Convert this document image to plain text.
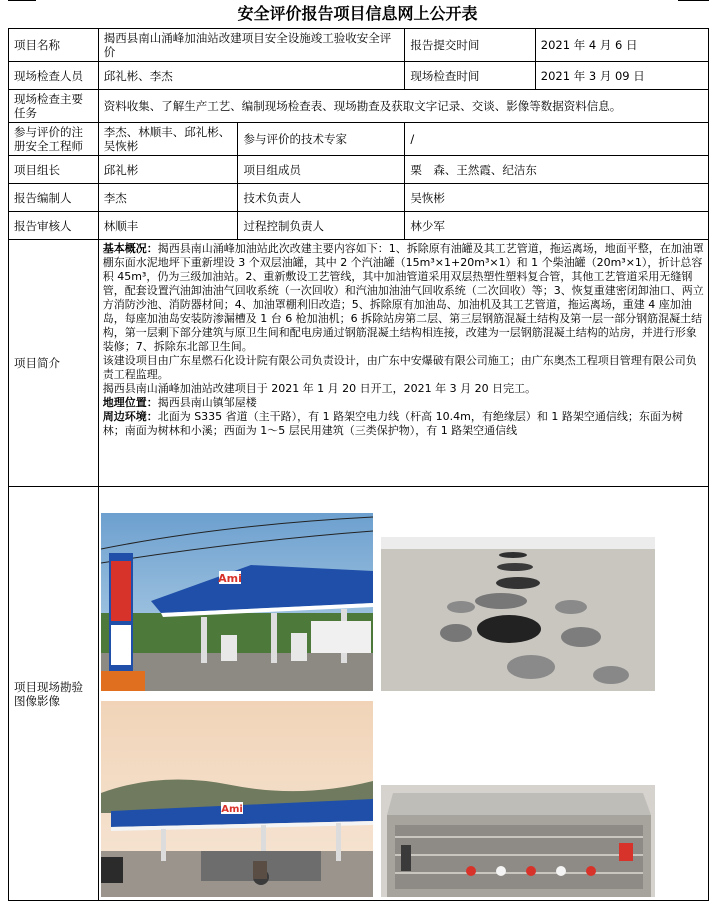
安全评价报告项目信息网上公开表
项目名称	揭西县南山涌峰加油站改建项目安全设施竣工验收安全评价		报告提交时间	2021 年 4 月 6 日
现场检查人员	邱礼彬、李杰		现场检查时间	2021 年 3 月 09 日
现场检查主要任务	资料收集、了解生产工艺、编制现场检查表、现场勘查及获取文字记录、交谈、影像等数据资料信息。			
参与评价的注册安全工程师	李杰、林顺丰、邱礼彬、吴恢彬	参与评价的技术专家	/	
项目组长	邱礼彬	项目组成员	栗　森、王然霞、纪洁东	
报告编制人	李杰	技术负责人	吴恢彬	
报告审核人	林顺丰	过程控制负责人	林少军	
项目简介	基本概况：揭西县南山涌峰加油站此次改建主要内容如下：1、拆除原有油罐及其工艺管道，拖运离场，地面平整，在加油罩棚东面水泥地坪下重新埋设 3 个双层油罐，其中 2 个汽油罐（15m³×1+20m³×1）和 1 个柴油罐（20m³×1），折计总容积 45m³，仍为三级加油站。2、重新敷设工艺管线，其中加油管道采用双层热塑性塑料复合管，其他工艺管道采用无缝钢管，配套设置汽油卸油油气回收系统（一次回收）和汽油加油油气回收系统（二次回收）等；3、恢复重建密闭卸油口、两立方消防沙池、消防器材间；4、加油罩棚利旧改造；5、拆除原有加油岛、加油机及其工艺管道，拖运离场，重建 4 座加油岛，每座加油岛安装防渗漏槽及 1 台 6 枪加油机；6 拆除站房第二层、第三层钢筋混凝土结构及第一层一部分钢筋混凝土结构，第一层剩下部分建筑与原卫生间和配电房通过钢筋混凝土结构相连接，改建为一层钢筋混凝土结构的站房，并进行形象装修；7、拆除东北部卫生间。

该建设项目由广东星燃石化设计院有限公司负责设计，由广东中安爆破有限公司施工；由广东奥杰工程项目管理有限公司负责工程监理。

揭西县南山涌峰加油站改建项目于 2021 年 1 月 20 日开工，2021 年 3 月 20 日完工。

地理位置：揭西县南山镇邹屋楼

周边环境：北面为 S335 省道（主干路），有 1 路架空电力线（杆高 10.4m，有绝缘层）和 1 路架空通信线；东面为树林；南面为树林和小溪；西面为 1～5 层民用建筑（三类保护物），有 1 路架空通信线			

项目现场勘验图像影像	Ami
Ami			
